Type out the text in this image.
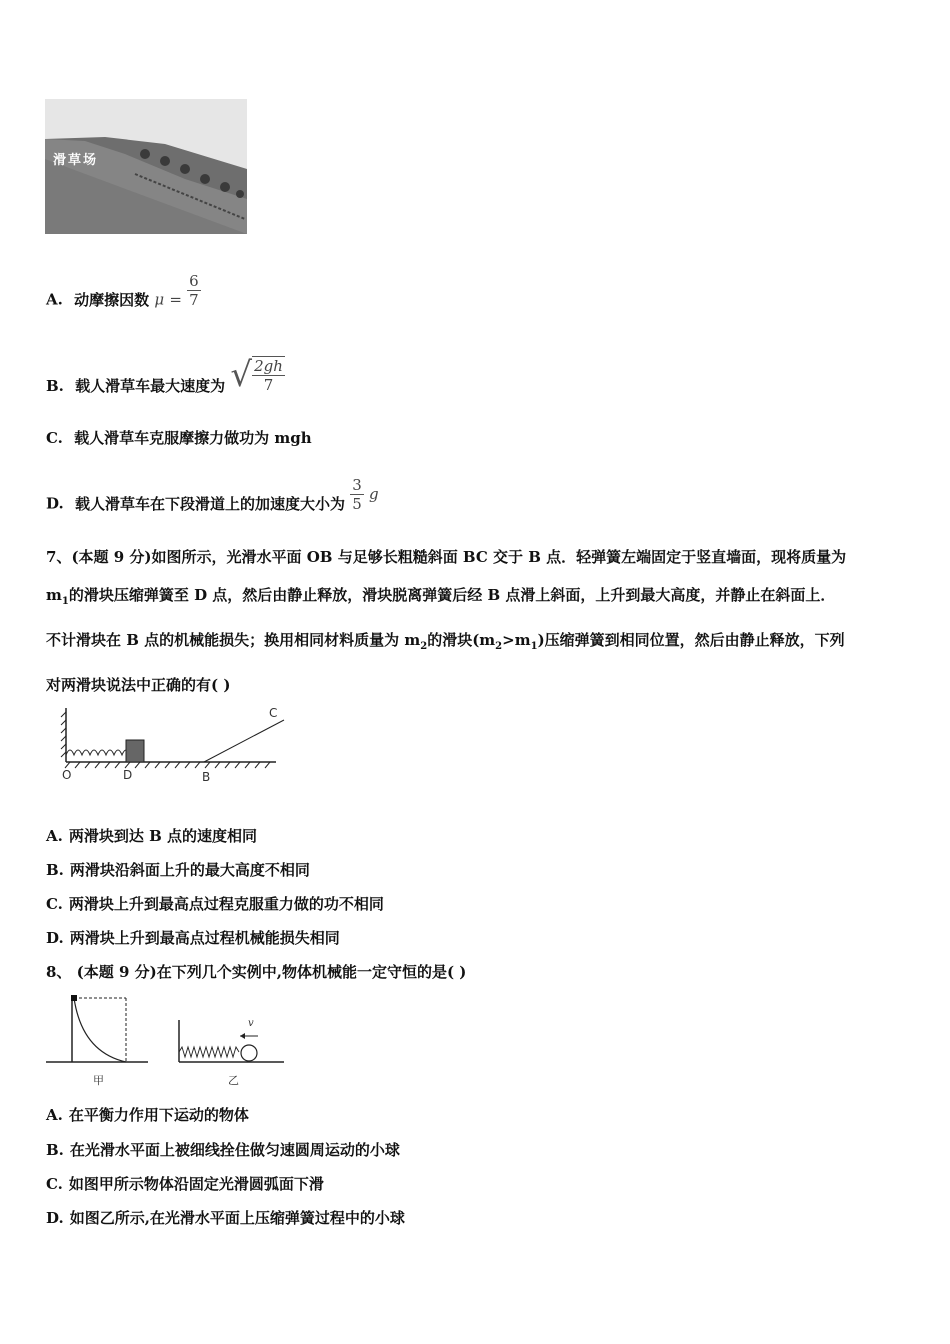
滑草场
A. 动摩擦因数 $\mu = \frac{6}{7}$
B. 载人滑草车最大速度为 √ $\frac{2gh}{7}$
C. 载人滑草车克服摩擦力做功为 mgh
D. 载人滑草车在下段滑道上的加速度大小为 $\frac{3}{5}$ g
7、(本题 9 分)如图所示，光滑水平面 OB 与足够长粗糙斜面 BC 交于 B 点．轻弹簧左端固定于竖直墙面，现将质量为
$m_1$的滑块压缩弹簧至 D 点，然后由静止释放，滑块脱离弹簧后经 B 点滑上斜面，上升到最大高度，并静止在斜面上．
不计滑块在 B 点的机械能损失；换用相同材料质量为 $m_2$的滑块$(m_2>m_1)$压缩弹簧到相同位置，然后由静止释放，下列
对两滑块说法中正确的有( )
O	D	B
C
A. 两滑块到达 B 点的速度相同
B. 两滑块沿斜面上升的最大高度不相同
C. 两滑块上升到最高点过程克服重力做的功不相同
D. 两滑块上升到最高点过程机械能损失相同
8、 (本题 9 分)在下列几个实例中,物体机械能一定守恒的是( )
甲	乙
v
A. 在平衡力作用下运动的物体
B. 在光滑水平面上被细线拴住做匀速圆周运动的小球
C. 如图甲所示物体沿固定光滑圆弧面下滑
D. 如图乙所示,在光滑水平面上压缩弹簧过程中的小球
